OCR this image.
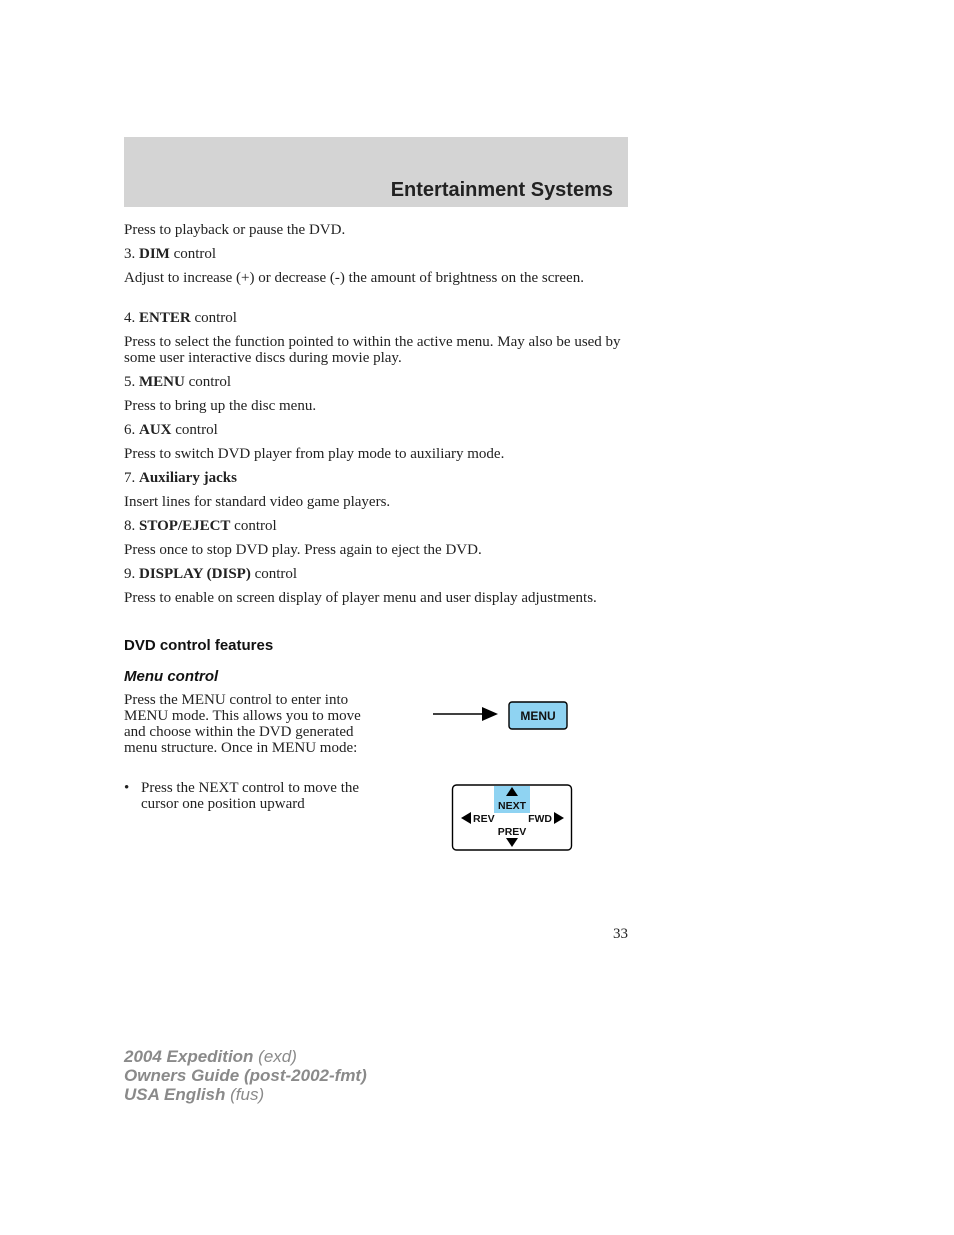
Entertainment Systems
Press to playback or pause the DVD.
3. DIM control
Adjust to increase (+) or decrease (-) the amount of brightness on the screen.
4. ENTER control
Press to select the function pointed to within the active menu. May also be used by some user interactive discs during movie play.
5. MENU control
Press to bring up the disc menu.
6. AUX control
Press to switch DVD player from play mode to auxiliary mode.
7. Auxiliary jacks
Insert lines for standard video game players.
8. STOP/EJECT control
Press once to stop DVD play. Press again to eject the DVD.
9. DISPLAY (DISP) control
Press to enable on screen display of player menu and user display adjustments.
DVD control features
Menu control
Press the MENU control to enter into MENU mode. This allows you to move and choose within the DVD generated menu structure. Once in MENU mode:
• Press the NEXT control to move the cursor one position upward
MENU
NEXT
REV	FWD
PREV
33
2004 Expedition (exd)
Owners Guide (post-2002-fmt)
USA English (fus)
